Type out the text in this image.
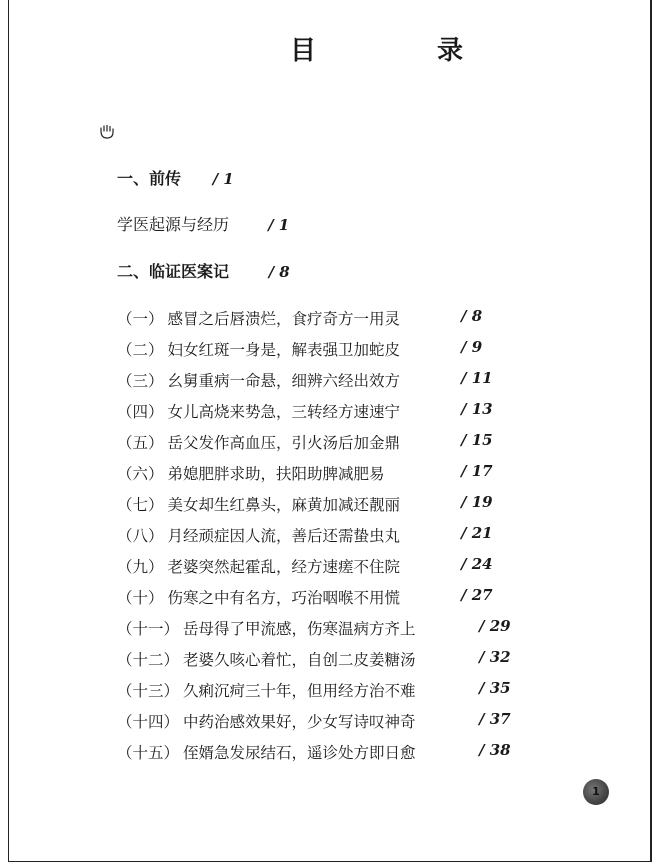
目 录
一、前传 / 1
学医起源与经历	/ 1
二、临证医案记	/ 8
（一） 感冒之后唇溃烂，食疗奇方一用灵	/ 8
（二） 妇女红斑一身是，解表强卫加蛇皮	/ 9
（三） 幺舅重病一命悬，细辨六经出效方	/ 11
（四） 女儿高烧来势急，三转经方速速宁	/ 13
（五） 岳父发作高血压，引火汤后加金鼎	/ 15
（六） 弟媳肥胖求助，扶阳助脾减肥易	/ 17
（七） 美女却生红鼻头，麻黄加减还靓丽	/ 19
（八） 月经顽症因人流，善后还需蛰虫丸	/ 21
（九） 老婆突然起霍乱，经方速瘥不住院	/ 24
（十） 伤寒之中有名方，巧治咽喉不用慌	/ 27
（十一） 岳母得了甲流感，伤寒温病方齐上	/ 29
（十二） 老婆久咳心着忙，自创二皮姜糖汤	/ 32
（十三） 久痢沉疴三十年，但用经方治不难	/ 35
（十四） 中药治感效果好，少女写诗叹神奇	/ 37
（十五） 侄婿急发尿结石，遥诊处方即日愈	/ 38
1
